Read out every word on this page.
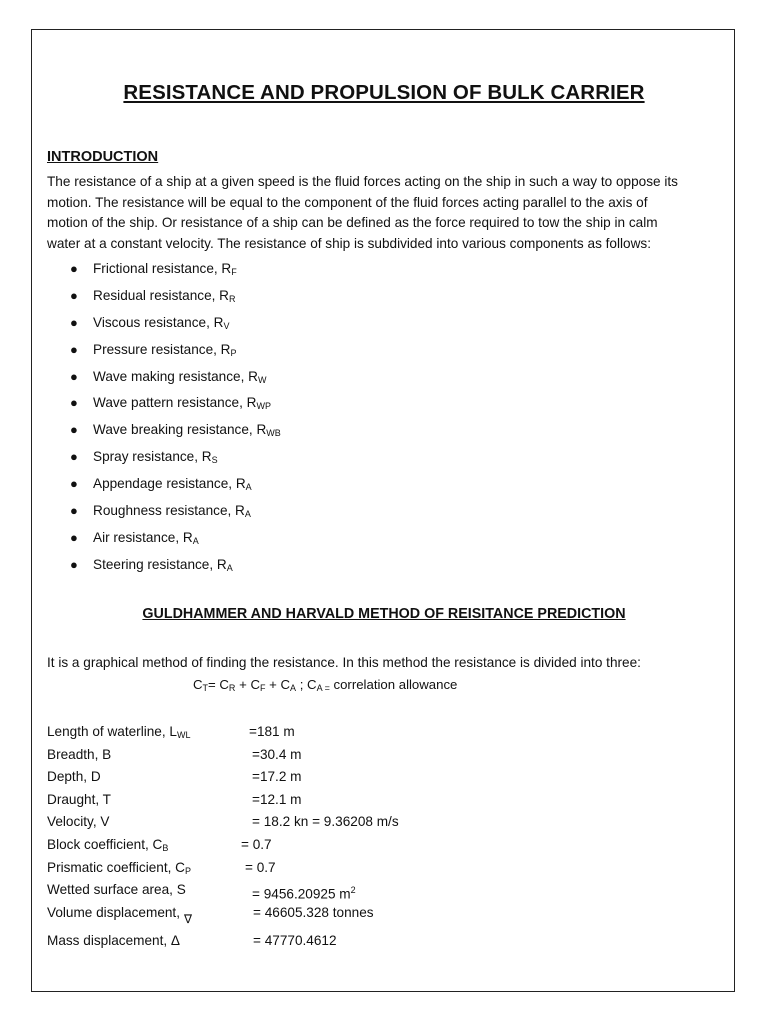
RESISTANCE AND PROPULSION OF BULK CARRIER
INTRODUCTION
The resistance of a ship at a given speed is the fluid forces acting on the ship in such a way to oppose its
motion. The resistance will be equal to the component of the fluid forces acting parallel to the axis of
motion of the ship. Or resistance of a ship can be defined as the force required to tow the ship in calm
water at a constant velocity. The resistance of ship is subdivided into various components as follows:
● Frictional resistance, $R_F$
● Residual resistance, $R_R$
● Viscous resistance, $R_V$
● Pressure resistance, $R_P$
● Wave making resistance, $R_W$
● Wave pattern resistance, $R_{WP}$
● Wave breaking resistance, $R_{WB}$
● Spray resistance, $R_S$
● Appendage resistance, $R_A$
● Roughness resistance, $R_A$
● Air resistance, $R_A$
● Steering resistance, $R_A$
GULDHAMMER AND HARVALD METHOD OF REISITANCE PREDICTION
It is a graphical method of finding the resistance. In this method the resistance is divided into three:
$C_T= C_R + C_F + C_A$ ; $C_{A =}$ correlation allowance
Length of waterline, $L_{WL}$	=181 m
Breadth, B	=30.4 m
Depth, D	=17.2 m
Draught, T	=12.1 m
Velocity, V	= 18.2 kn = 9.36208 m/s
Block coefficient, $C_B$	= 0.7
Prismatic coefficient, $C_P$	= 0.7
Wetted surface area, S	= 9456.20925 $m^2$
Volume displacement, ∇	= 46605.328 tonnes
Mass displacement, Δ	= 47770.4612
